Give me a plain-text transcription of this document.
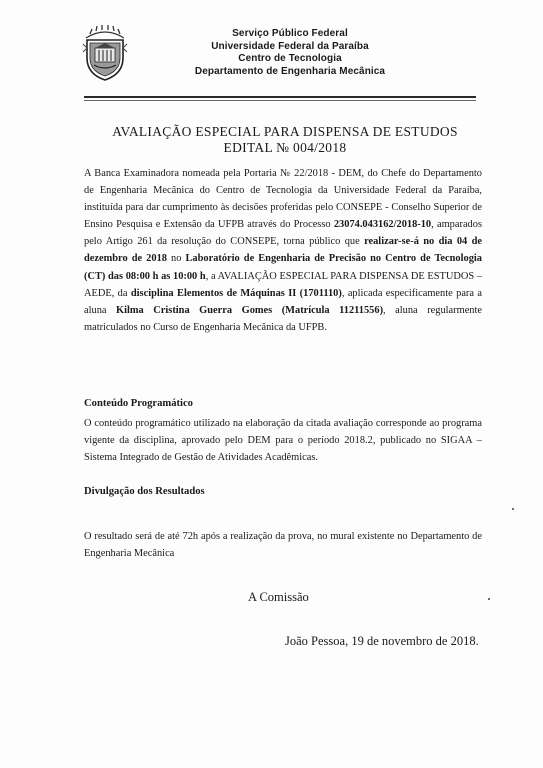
Serviço Público Federal
Universidade Federal da Paraíba
Centro de Tecnologia
Departamento de Engenharia Mecânica
AVALIAÇÃO ESPECIAL PARA DISPENSA DE ESTUDOS
EDITAL № 004/2018
A Banca Examinadora nomeada pela Portaria № 22/2018 - DEM, do Chefe do Departamento de Engenharia Mecânica do Centro de Tecnologia da Universidade Federal da Paraíba, instituída para dar cumprimento às decisões proferidas pelo CONSEPE - Conselho Superior de Ensino Pesquisa e Extensão da UFPB através do Processo 23074.043162/2018-10, amparados pelo Artigo 261 da resolução do CONSEPE, torna público que realizar-se-á no dia 04 de dezembro de 2018 no Laboratório de Engenharia de Precisão no Centro de Tecnologia (CT) das 08:00 h as 10:00 h, a AVALIAÇÃO ESPECIAL PARA DISPENSA DE ESTUDOS – AEDE, da disciplina Elementos de Máquinas II (1701110), aplicada especificamente para a aluna Kilma Cristina Guerra Gomes (Matrícula 11211556), aluna regularmente matriculados no Curso de Engenharia Mecânica da UFPB.
Conteúdo Programático
O conteúdo programático utilizado na elaboração da citada avaliação corresponde ao programa vigente da disciplina, aprovado pelo DEM para o período 2018.2, publicado no SIGAA – Sistema Integrado de Gestão de Atividades Acadêmicas.
Divulgação dos Resultados
O resultado será de até 72h após a realização da prova, no mural existente no Departamento de Engenharia Mecânica
A Comissão
João Pessoa, 19 de novembro de 2018.
